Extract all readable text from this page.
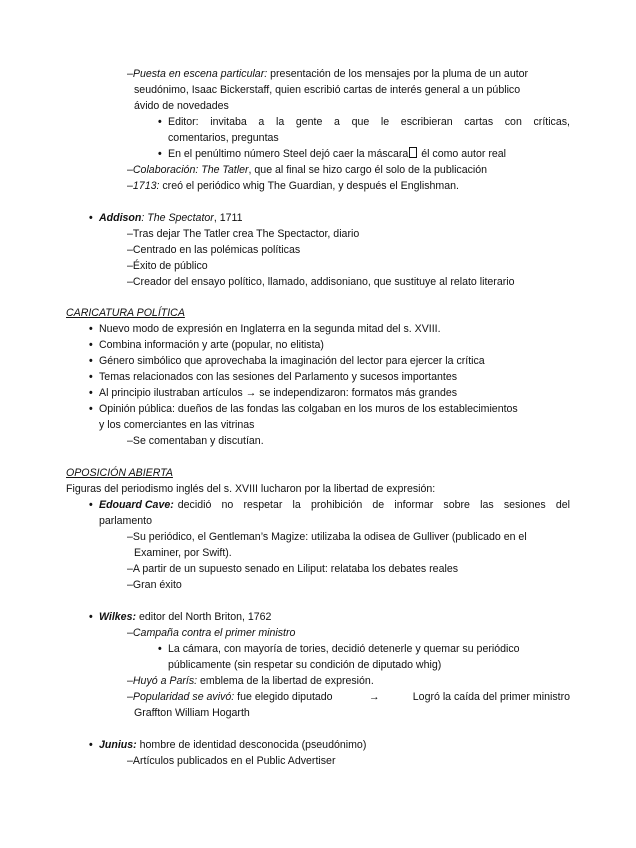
– Puesta en escena particular: presentación de los mensajes por la pluma de un autor
seudónimo, Isaac Bickerstaff, quien escribió cartas de interés general a un público
ávido de novedades
•
Editor: invitaba a la gente a que le escribieran cartas con críticas,
comentarios, preguntas
•
En el penúltimo número Steel dejó caer la máscara él como autor real
– Colaboración: The Tatler, que al final se hizo cargo él solo de la publicación
– 1713: creó el periódico whig The Guardian, y después el Englishman.
•
Addison: The Spectator, 1711
– Tras dejar The Tatler crea The Spectactor, diario
– Centrado en las polémicas políticas
– Éxito de público
– Creador del ensayo político, llamado, addisoniano, que sustituye al relato literario
CARICATURA POLÍTICA
•
Nuevo modo de expresión en Inglaterra en la segunda mitad del s. XVIII.
•
Combina información y arte (popular, no elitista)
•
Género simbólico que aprovechaba la imaginación del lector para ejercer la crítica
•
Temas relacionados con las sesiones del Parlamento y sucesos importantes
•
Al principio ilustraban artículos → se independizaron: formatos más grandes
•
Opinión pública: dueños de las fondas las colgaban en los muros de los establecimientos
y los comerciantes en las vitrinas
– Se comentaban y discutían.
OPOSICIÓN ABIERTA
Figuras del periodismo inglés del s. XVIII lucharon por la libertad de expresión:
•
Edouard Cave: decidió no respetar la prohibición de informar sobre las sesiones del
parlamento
– Su periódico, el Gentleman’s Magize: utilizaba la odisea de Gulliver (publicado en el
Examiner, por Swift).
– A partir de un supuesto senado en Liliput: relataba los debates reales
– Gran éxito
•
Wilkes: editor del North Briton, 1762
– Campaña contra el primer ministro
•
La cámara, con mayoría de tories, decidió detenerle y quemar su periódico
públicamente (sin respetar su condición de diputado whig)
– Huyó a París: emblema de la libertad de expresión.
– Popularidad se avivó: fue elegido diputado	→	Logró la caída del primer ministro
Graffton William Hogarth
•
Junius: hombre de identidad desconocida (pseudónimo)
– Artículos publicados en el Public Advertiser
